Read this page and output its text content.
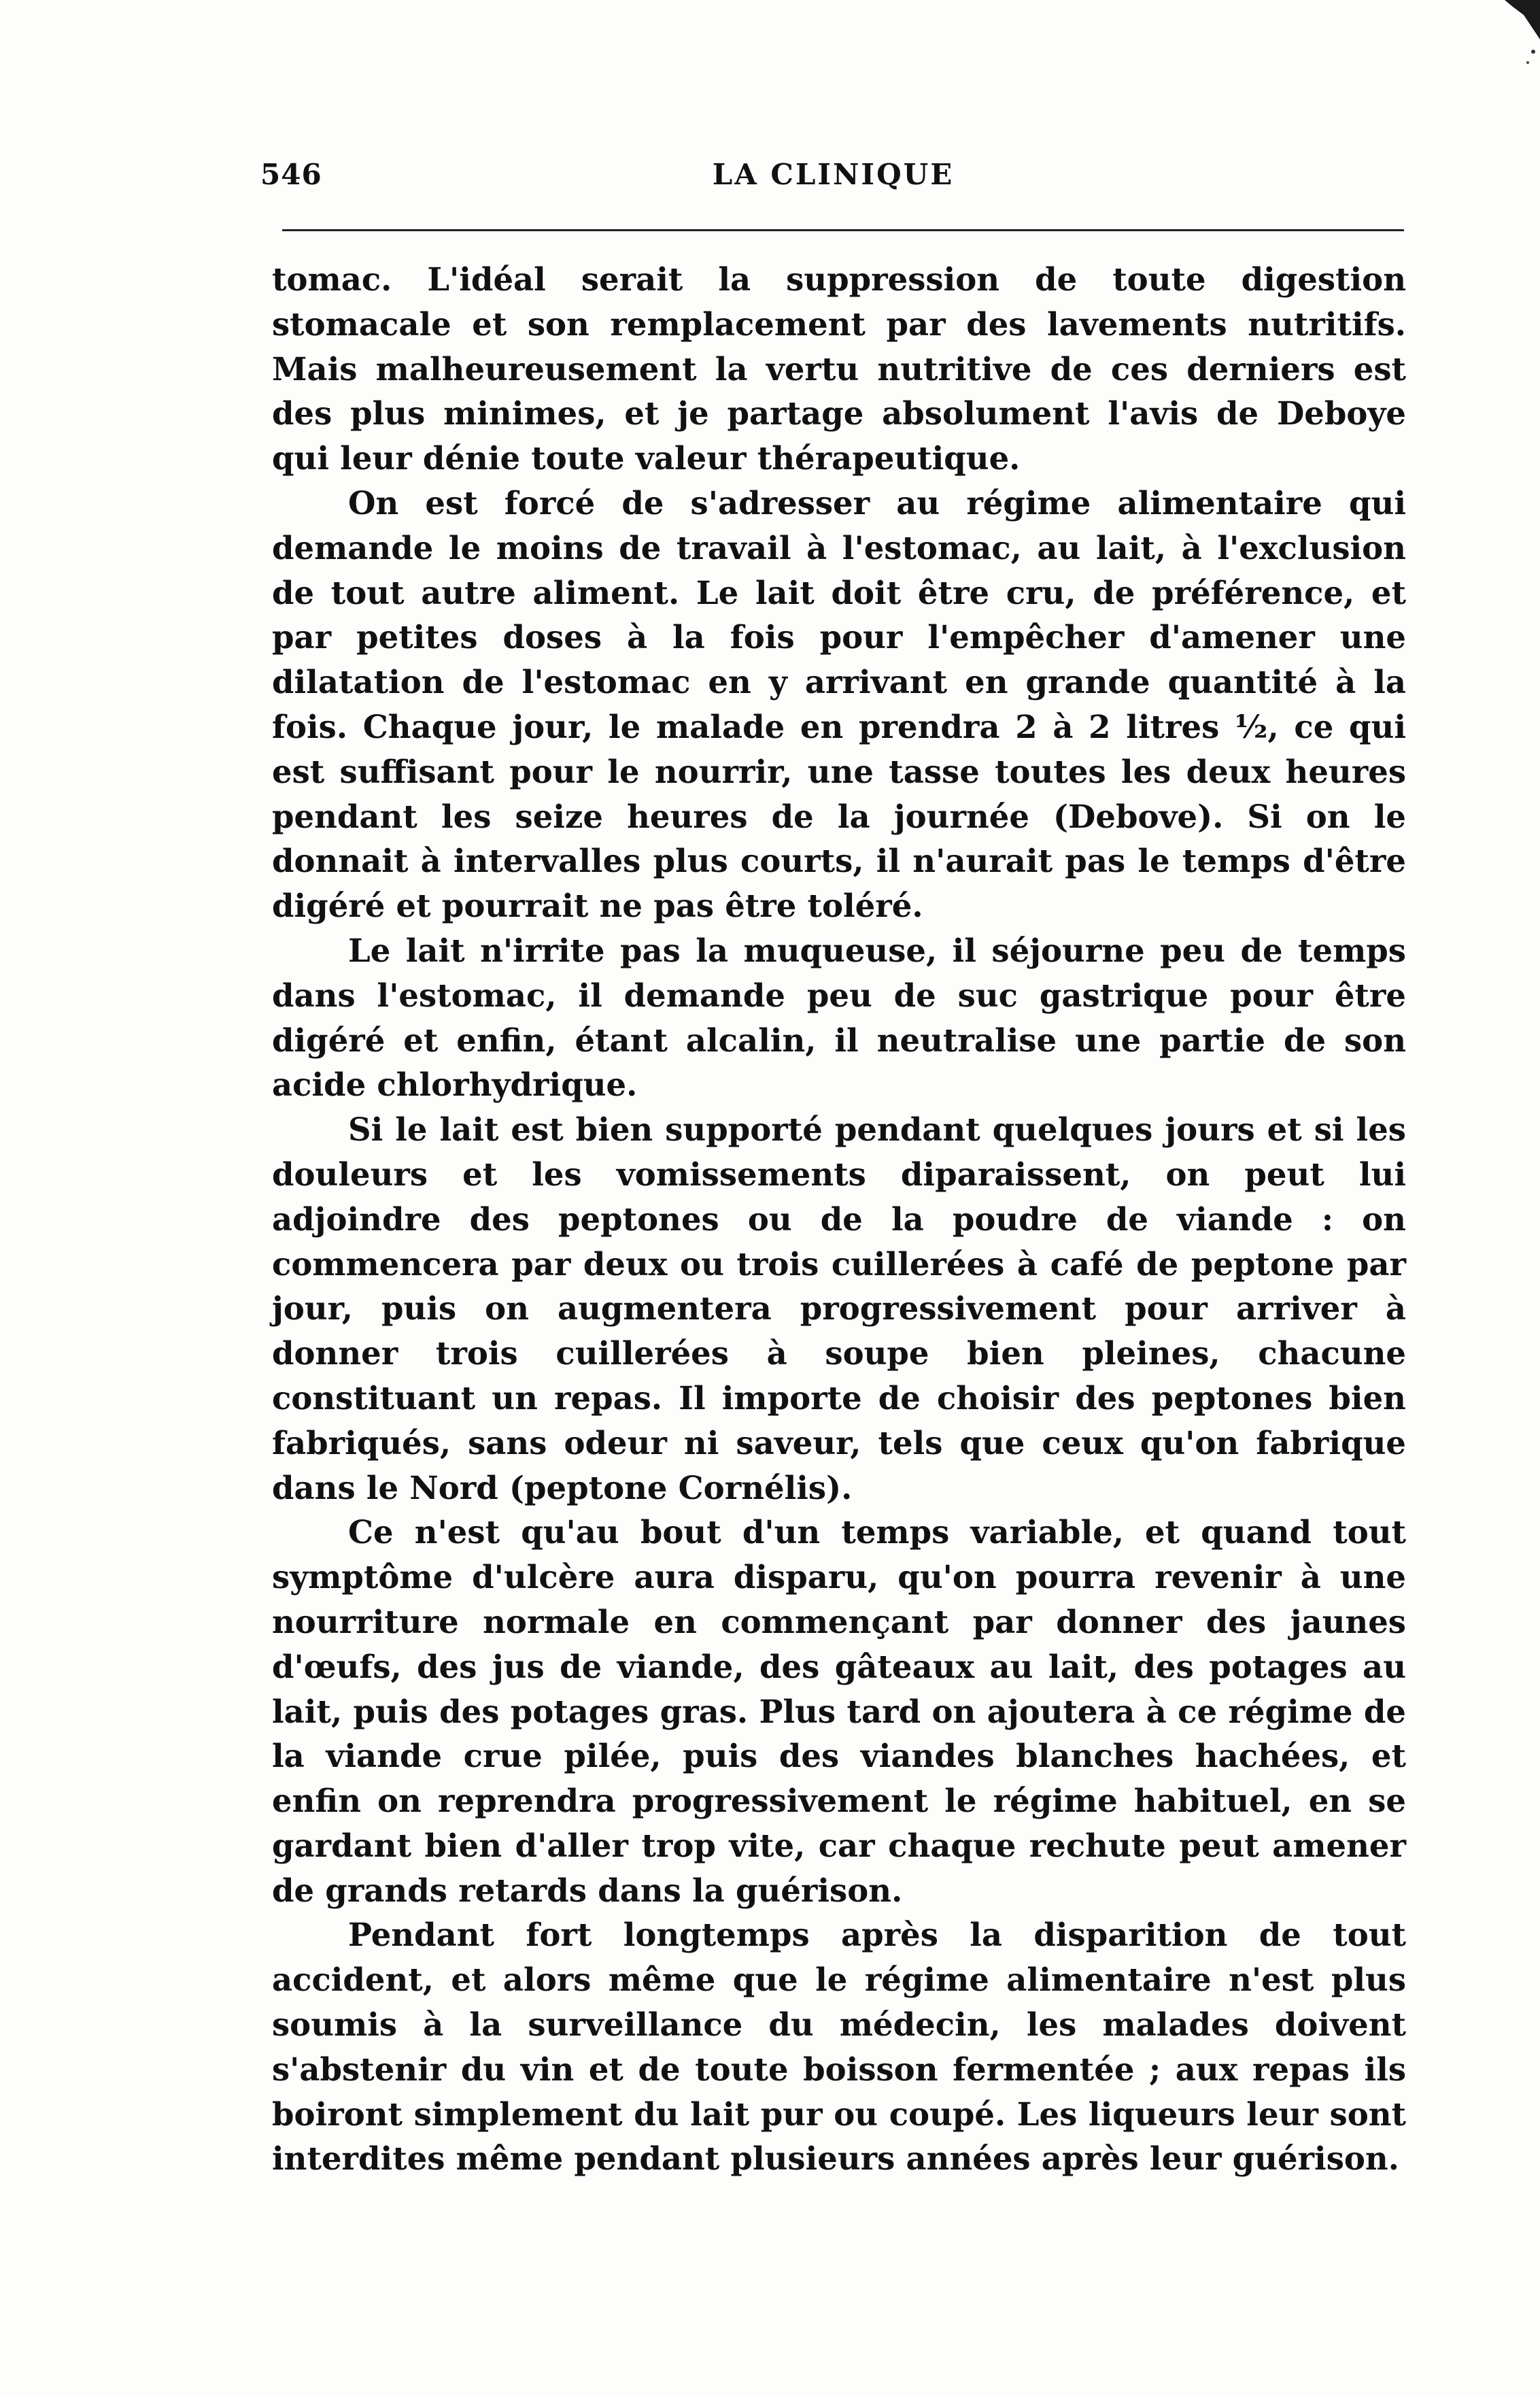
546	LA CLINIQUE

tomac. L'idéal serait la suppression de toute digestion stomacale et son remplacement par des lavements nutritifs. Mais malheureusement la vertu nutritive de ces derniers est des plus minimes, et je partage absolument l'avis de Deboye qui leur dénie toute valeur thérapeutique.

On est forcé de s'adresser au régime alimentaire qui demande le moins de travail à l'estomac, au lait, à l'exclusion de tout autre aliment. Le lait doit être cru, de préférence, et par petites doses à la fois pour l'empêcher d'amener une dilatation de l'estomac en y arrivant en grande quantité à la fois. Chaque jour, le malade en prendra 2 à 2 litres ½, ce qui est suffisant pour le nourrir, une tasse toutes les deux heures pendant les seize heures de la journée (Debove). Si on le donnait à intervalles plus courts, il n'aurait pas le temps d'être digéré et pourrait ne pas être toléré.

Le lait n'irrite pas la muqueuse, il séjourne peu de temps dans l'estomac, il demande peu de suc gastrique pour être digéré et enfin, étant alcalin, il neutralise une partie de son acide chlorhydrique.

Si le lait est bien supporté pendant quelques jours et si les douleurs et les vomissements diparaissent, on peut lui adjoindre des peptones ou de la poudre de viande : on commencera par deux ou trois cuillerées à café de peptone par jour, puis on augmentera progressivement pour arriver à donner trois cuillerées à soupe bien pleines, chacune constituant un repas. Il importe de choisir des peptones bien fabriqués, sans odeur ni saveur, tels que ceux qu'on fabrique dans le Nord (peptone Cornélis).

Ce n'est qu'au bout d'un temps variable, et quand tout symptôme d'ulcère aura disparu, qu'on pourra revenir à une nourriture normale en commençant par donner des jaunes d'œufs, des jus de viande, des gâteaux au lait, des potages au lait, puis des potages gras. Plus tard on ajoutera à ce régime de la viande crue pilée, puis des viandes blanches hachées, et enfin on reprendra progressivement le régime habituel, en se gardant bien d'aller trop vite, car chaque rechute peut amener de grands retards dans la guérison.

Pendant fort longtemps après la disparition de tout accident, et alors même que le régime alimentaire n'est plus soumis à la surveillance du médecin, les malades doivent s'abstenir du vin et de toute boisson fermentée ; aux repas ils boiront simplement du lait pur ou coupé. Les liqueurs leur sont interdites même pendant plusieurs années après leur guérison.
